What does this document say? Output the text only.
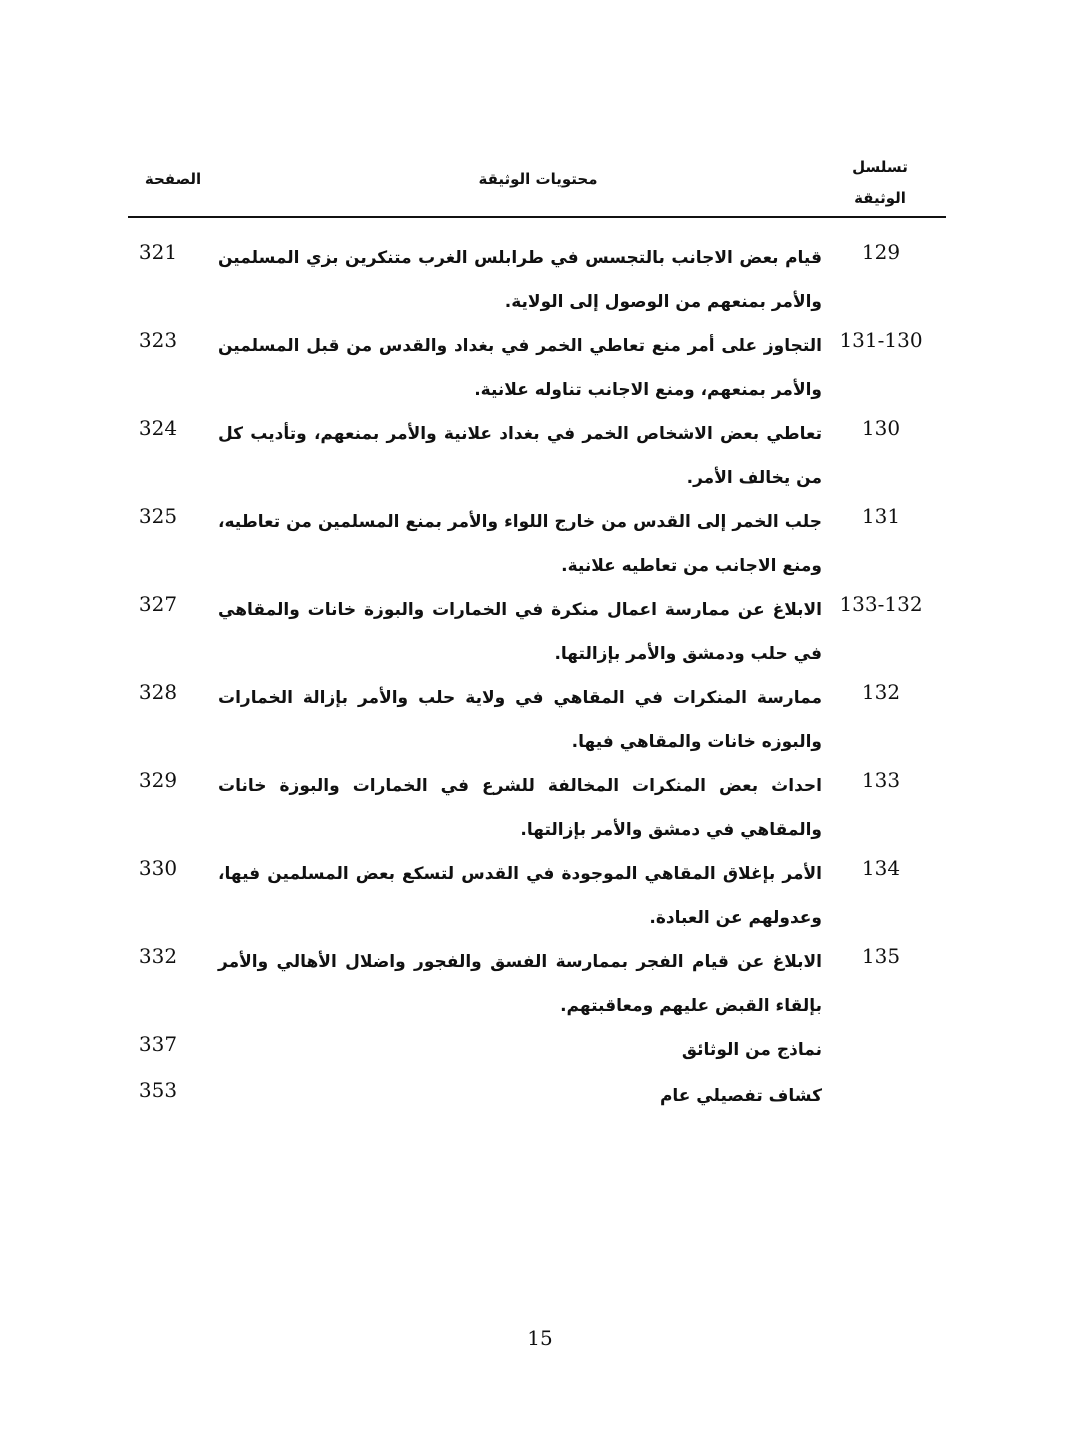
تسلسل
الوثيقة
محتويات الوثيقة
الصفحة
129
قيام بعض الاجانب بالتجسس في طرابلس الغرب متنكرين بزي المسلمين والأمر بمنعهم من الوصول إلى الولاية.
321
131-130
التجاوز على أمر منع تعاطي الخمر في بغداد والقدس من قبل المسلمين والأمر بمنعهم، ومنع الاجانب تناوله علانية.
323
130
تعاطي بعض الاشخاص الخمر في بغداد علانية والأمر بمنعهم، وتأديب كل من يخالف الأمر.
324
131
جلب الخمر إلى القدس من خارج اللواء والأمر بمنع المسلمين من تعاطيه، ومنع الاجانب من تعاطيه علانية.
325
133-132
الابلاغ عن ممارسة اعمال منكرة في الخمارات والبوزة خانات والمقاهي في حلب ودمشق والأمر بإزالتها.
327
132
ممارسة المنكرات في المقاهي في ولاية حلب والأمر بإزالة الخمارات والبوزه خانات والمقاهي فيها.
328
133
احداث بعض المنكرات المخالفة للشرع في الخمارات والبوزة خانات والمقاهي في دمشق والأمر بإزالتها.
329
134
الأمر بإغلاق المقاهي الموجودة في القدس لتسكع بعض المسلمين فيها، وعدولهم عن العبادة.
330
135
الابلاغ عن قيام الفجر بممارسة الفسق والفجور واضلال الأهالي والأمر بإلقاء القبض عليهم ومعاقبتهم.
332
نماذج من الوثائق
337
كشاف تفصيلي عام
353
15
